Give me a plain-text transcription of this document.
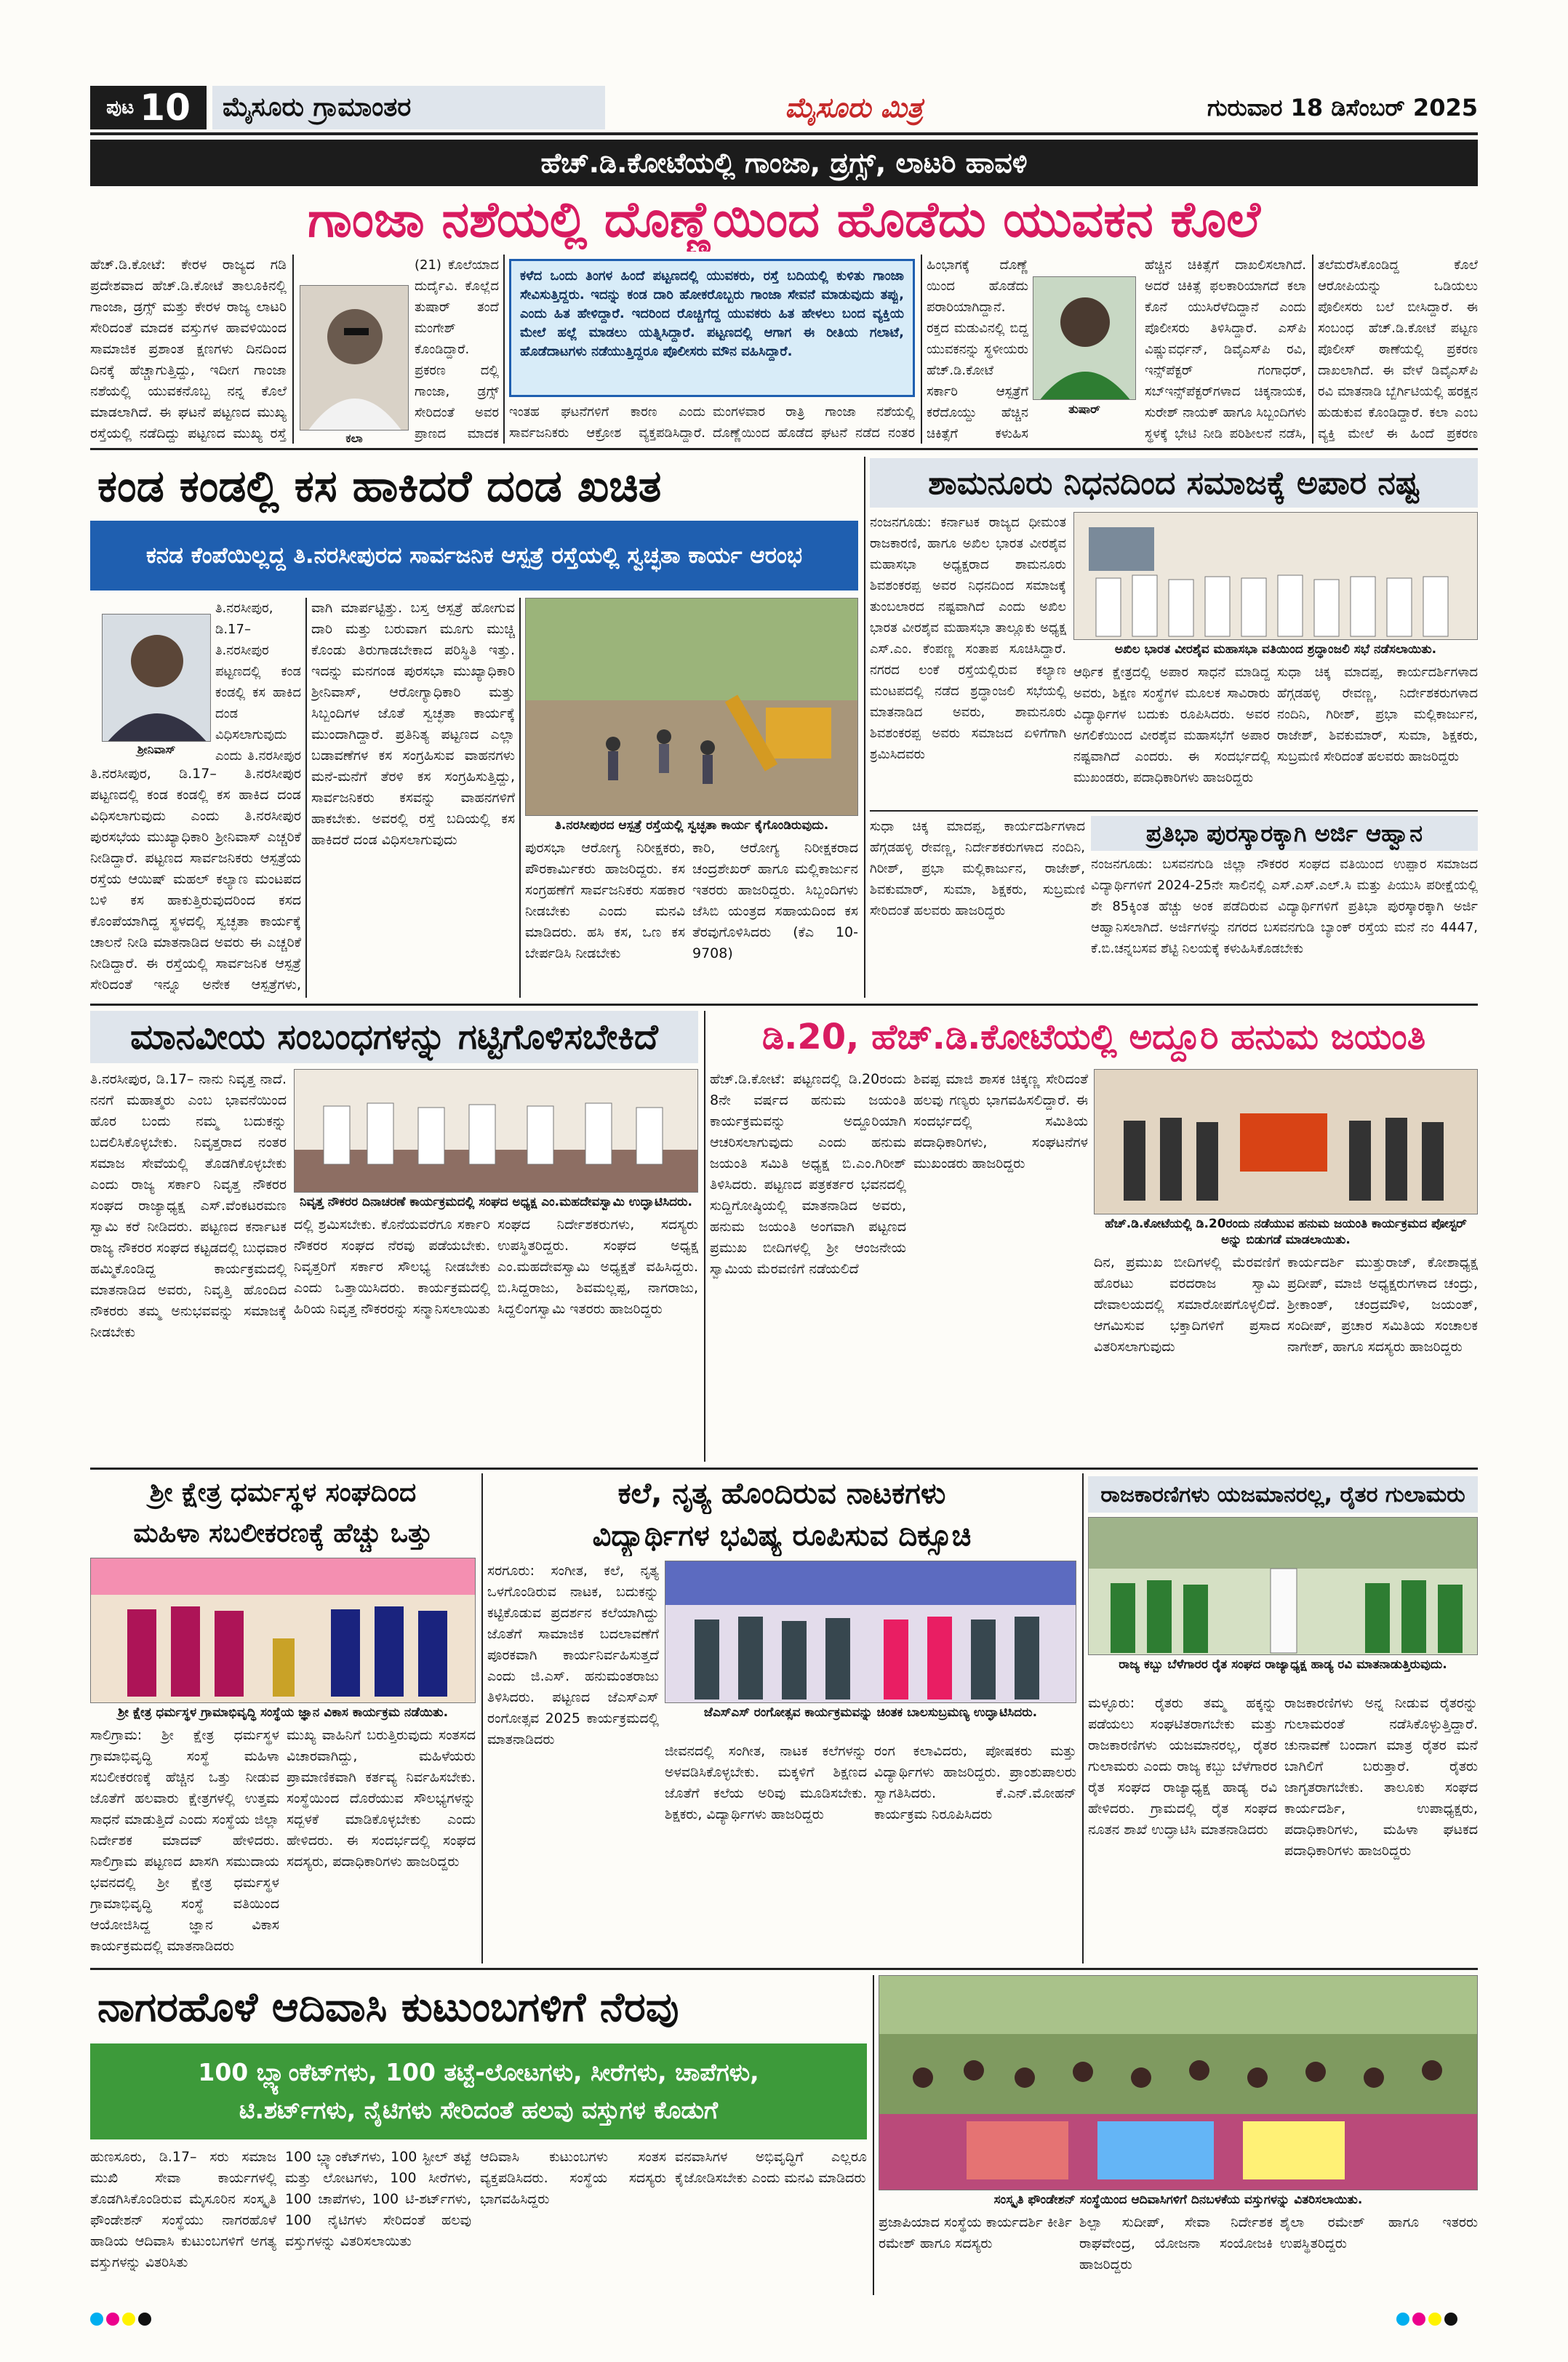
ಪುಟ 10	ಮೈಸೂರು ಗ್ರಾಮಾಂತರ	ಮೈಸೂರು ಮಿತ್ರ	ಗುರುವಾರ 18 ಡಿಸೆಂಬರ್ 2025
ಹೆಚ್.ಡಿ.ಕೋಟೆಯಲ್ಲಿ ಗಾಂಜಾ, ಡ್ರಗ್ಸ್, ಲಾಟರಿ ಹಾವಳಿ
ಗಾಂಜಾ ನಶೆಯಲ್ಲಿ ದೊಣ್ಣೆಯಿಂದ ಹೊಡೆದು ಯುವಕನ ಕೊಲೆ
ಹೆಚ್.ಡಿ.ಕೋಟೆ: ಕೇರಳ ರಾಜ್ಯದ ಗಡಿ ಪ್ರದೇಶವಾದ ಹೆಚ್.ಡಿ.ಕೋಟೆ ತಾಲೂಕಿನಲ್ಲಿ ಗಾಂಜಾ, ಡ್ರಗ್ಸ್ ಮತ್ತು ಕೇರಳ ರಾಜ್ಯ ಲಾಟರಿ ಸೇರಿದಂತೆ ಮಾದಕ ವಸ್ತುಗಳ ಹಾವಳಿಯಿಂದ ಸಾಮಾಜಿಕ ಪ್ರಶಾಂತ ಕ್ಷಣಗಳು ದಿನದಿಂದ ದಿನಕ್ಕೆ ಹೆಚ್ಚಾಗುತ್ತಿದ್ದು, ಇದೀಗ ಗಾಂಜಾ ನಶೆಯಲ್ಲಿ ಯುವಕನೊಬ್ಬ ನನ್ನ ಕೊಲೆ ಮಾಡಲಾಗಿದೆ. ಈ ಘಟನೆ ಪಟ್ಟಣದ ಮುಖ್ಯ ರಸ್ತೆಯಲ್ಲಿ ನಡೆದಿದ್ದು ಪಟ್ಟಣದ ಮುಖ್ಯ ರಸ್ತೆ	ಕಲಾ
(21) ಕೊಲೆಯಾದ ದುರ್ದೈವಿ. ಕೊಲ್ಲೆದ ತುಷಾರ್ ತಂದೆ ಮಂಗೇಶ್ ಕೊಂಡಿದ್ದಾರೆ. ಪ್ರಕರಣ ದಲ್ಲಿ ಗಾಂಜಾ, ಡ್ರಗ್ಸ್ ಸೇರಿದಂತೆ ಅವರ ಪ್ರಾಣದ ಮಾದಕ
ಕಳೆದ ಒಂದು ತಿಂಗಳ ಹಿಂದೆ ಪಟ್ಟಣದಲ್ಲಿ ಯುವಕರು, ರಸ್ತೆ ಬದಿಯಲ್ಲಿ ಕುಳಿತು ಗಾಂಜಾ ಸೇವಿಸುತ್ತಿದ್ದರು. ಇದನ್ನು ಕಂಡ ದಾರಿ ಹೋಕರೊಬ್ಬರು ಗಾಂಜಾ ಸೇವನೆ ಮಾಡುವುದು ತಪ್ಪು, ಎಂದು ಹಿತ ಹೇಳಿದ್ದಾರೆ. ಇದರಿಂದ ರೊಚ್ಚಿಗೆದ್ದ ಯುವಕರು ಹಿತ ಹೇಳಲು ಬಂದ ವ್ಯಕ್ತಿಯ ಮೇಲೆ ಹಲ್ಲೆ ಮಾಡಲು ಯತ್ನಿಸಿದ್ದಾರೆ. ಪಟ್ಟಣದಲ್ಲಿ ಆಗಾಗ ಈ ರೀತಿಯ ಗಲಾಟೆ, ಹೊಡೆದಾಟಗಳು ನಡೆಯುತ್ತಿದ್ದರೂ ಪೊಲೀಸರು ಮೌನ ವಹಿಸಿದ್ದಾರೆ.
ಇಂತಹ ಘಟನೆಗಳಿಗೆ ಕಾರಣ ಎಂದು ಸಾರ್ವಜನಿಕರು ಆಕ್ರೋಶ ವ್ಯಕ್ತಪಡಿಸಿದ್ದಾರೆ.
ಮಂಗಳವಾರ ರಾತ್ರಿ ಗಾಂಜಾ ನಶೆಯಲ್ಲಿ ದೊಣ್ಣೆಯಿಂದ ಹೊಡೆದ ಘಟನೆ ನಡೆದ ನಂತರ
ಹಿಂಭಾಗಕ್ಕೆ ದೊಣ್ಣೆ ಯಿಂದ ಹೊಡೆದು ಪರಾರಿಯಾಗಿದ್ದಾನೆ. ರಕ್ತದ ಮಡುವಿನಲ್ಲಿ ಬಿದ್ದ ಯುವಕನನ್ನು ಸ್ಥಳೀಯರು ಹೆಚ್.ಡಿ.ಕೋಟೆ ಸರ್ಕಾರಿ ಆಸ್ಪತ್ರೆಗೆ ಕರೆದೊಯ್ದು ಹೆಚ್ಚಿನ ಚಿಕಿತ್ಸೆಗೆ ಕಳುಹಿಸ
ತುಷಾರ್
ಹೆಚ್ಚಿನ ಚಿಕಿತ್ಸೆಗೆ ದಾಖಲಿಸಲಾಗಿದೆ. ಅದರೆ ಚಿಕಿತ್ಸೆ ಫಲಕಾರಿಯಾಗದೆ ಕಲಾ ಕೊನೆ ಯುಸಿರೆಳೆದಿದ್ದಾನೆ ಎಂದು ಪೊಲೀಸರು ತಿಳಿಸಿದ್ದಾರೆ. ಎಸ್‌ಪಿ ವಿಷ್ಣುವರ್ಧನ್, ಡಿವೈಎಸ್‌ಪಿ ರವಿ, ಇನ್ಸ್‌ಪೆಕ್ಟರ್ ಗಂಗಾಧರ್, ಸಬ್‌ಇನ್ಸ್‌ಪೆಕ್ಟರ್‌ಗಳಾದ ಚಿಕ್ಕನಾಯಕ, ಸುರೇಶ್ ನಾಯಕ್ ಹಾಗೂ ಸಿಬ್ಬಂದಿಗಳು ಸ್ಥಳಕ್ಕೆ ಭೇಟಿ ನೀಡಿ ಪರಿಶೀಲನೆ ನಡೆಸಿ,
ತಲೆಮರೆಸಿಕೊಂಡಿದ್ದ ಕೊಲೆ ಆರೋಪಿಯನ್ನು ಒಡಿಯಲು ಪೊಲೀಸರು ಬಲೆ ಬೀಸಿದ್ದಾರೆ. ಈ ಸಂಬಂಧ ಹೆಚ್.ಡಿ.ಕೋಟೆ ಪಟ್ಟಣ ಪೊಲೀಸ್ ಠಾಣೆಯಲ್ಲಿ ಪ್ರಕರಣ ದಾಖಲಾಗಿದೆ. ಈ ವೇಳೆ ಡಿವೈಎಸ್‌ಪಿ ರವಿ ಮಾತನಾಡಿ ಬ್ಬೆರ್ಗಿಟಿಯಲ್ಲಿ ಹರಕ್ಷನ ಹುಡುಕುವ ಕೊಂಡಿದ್ದಾರೆ. ಕಲಾ ಎಂಬ ವ್ಯಕ್ತಿ ಮೇಲೆ ಈ ಹಿಂದೆ ಪ್ರಕರಣ
ಕಂಡ ಕಂಡಲ್ಲಿ ಕಸ ಹಾಕಿದರೆ ದಂಡ ಖಚಿತ
ಕನಡ ಕೆಂಪೆಯಿಲ್ಲದ್ದ ತಿ.ನರಸೀಪುರದ ಸಾರ್ವಜನಿಕ ಆಸ್ಪತ್ರೆ ರಸ್ತೆಯಲ್ಲಿ ಸ್ವಚ್ಛತಾ ಕಾರ್ಯ ಆರಂಭ
ಶ್ರೀನಿವಾಸ್
ತಿ.ನರಸೀಪುರ, ಡಿ.17– ತಿ.ನರಸೀಪುರ ಪಟ್ಟಣದಲ್ಲಿ ಕಂಡ ಕಂಡಲ್ಲಿ ಕಸ ಹಾಕಿದ ದಂಡ ವಿಧಿಸಲಾಗುವುದು ಎಂದು ತಿ.ನರಸೀಪುರ
ತಿ.ನರಸೀಪುರ, ಡಿ.17– ತಿ.ನರಸೀಪುರ ಪಟ್ಟಣದಲ್ಲಿ ಕಂಡ ಕಂಡಲ್ಲಿ ಕಸ ಹಾಕಿದ ದಂಡ ವಿಧಿಸಲಾಗುವುದು ಎಂದು ತಿ.ನರಸೀಪುರ ಪುರಸಭೆಯ ಮುಖ್ಯಾಧಿಕಾರಿ ಶ್ರೀನಿವಾಸ್ ಎಚ್ಚರಿಕೆ ನೀಡಿದ್ದಾರೆ. ಪಟ್ಟಣದ ಸಾರ್ವಜನಿಕರು ಆಸ್ಪತ್ರೆಯ ರಸ್ತೆಯ ಆಯಿಷ್ ಮಹಲ್ ಕಲ್ಯಾಣ ಮಂಟಪದ ಬಳಿ ಕಸ ಹಾಕುತ್ತಿರುವುದರಿಂದ ಕಸದ ಕೊಂಪೆಯಾಗಿದ್ದ ಸ್ಥಳದಲ್ಲಿ ಸ್ವಚ್ಛತಾ ಕಾರ್ಯಕ್ಕೆ ಚಾಲನೆ ನೀಡಿ ಮಾತನಾಡಿದ ಅವರು ಈ ಎಚ್ಚರಿಕೆ ನೀಡಿದ್ದಾರೆ. ಈ ರಸ್ತೆಯಲ್ಲಿ ಸಾರ್ವಜನಿಕ ಆಸ್ಪತ್ರೆ ಸೇರಿದಂತೆ ಇನ್ನೂ ಅನೇಕ ಆಸ್ಪತ್ರೆಗಳು,
ವಾಗಿ ಮಾರ್ಪಟ್ಟಿತ್ತು. ಬಸ್ತ ಆಸ್ಪತ್ರೆ ಹೋಗುವ ದಾರಿ ಮತ್ತು ಬರುವಾಗ ಮೂಗು ಮುಚ್ಚಿ ಕೊಂಡು ತಿರುಗಾಡಬೇಕಾದ ಪರಿಸ್ಥಿತಿ ಇತ್ತು. ಇದನ್ನು ಮನಗಂಡ ಪುರಸಭಾ ಮುಖ್ಯಾಧಿಕಾರಿ ಶ್ರೀನಿವಾಸ್, ಆರೋಗ್ಯಾಧಿಕಾರಿ ಮತ್ತು ಸಿಬ್ಬಂದಿಗಳ ಜೊತೆ ಸ್ವಚ್ಛತಾ ಕಾರ್ಯಕ್ಕೆ ಮುಂದಾಗಿದ್ದಾರೆ. ಪ್ರತಿನಿತ್ಯ ಪಟ್ಟಣದ ಎಲ್ಲಾ ಬಡಾವಣೆಗಳ ಕಸ ಸಂಗ್ರಹಿಸುವ ವಾಹನಗಳು ಮನೆ-ಮನೆಗೆ ತೆರಳಿ ಕಸ ಸಂಗ್ರಹಿಸುತ್ತಿದ್ದು, ಸಾರ್ವಜನಿಕರು ಕಸವನ್ನು ವಾಹನಗಳಿಗೆ ಹಾಕಬೇಕು. ಅವರಲ್ಲಿ ರಸ್ತೆ ಬದಿಯಲ್ಲಿ ಕಸ ಹಾಕಿದರೆ ದಂಡ ವಿಧಿಸಲಾಗುವುದು
ತಿ.ನರಸೀಪುರದ ಆಸ್ಪತ್ರೆ ರಸ್ತೆಯಲ್ಲಿ ಸ್ವಚ್ಛತಾ ಕಾರ್ಯ ಕೈಗೊಂಡಿರುವುದು.
ಪುರಸಭಾ ಆರೋಗ್ಯ ನಿರೀಕ್ಷಕರು, ಪೌರಕಾರ್ಮಿಕರು ಹಾಜರಿದ್ದರು. ಕಸ ಸಂಗ್ರಹಣೆಗೆ ಸಾರ್ವಜನಿಕರು ಸಹಕಾರ ನೀಡಬೇಕು ಎಂದು ಮನವಿ ಮಾಡಿದರು. ಹಸಿ ಕಸ, ಒಣ ಕಸ ಬೇರ್ಪಡಿಸಿ ನೀಡಬೇಕು
ಕಾರಿ, ಆರೋಗ್ಯ ನಿರೀಕ್ಷಕರಾದ ಚಂದ್ರಶೇಖರ್ ಹಾಗೂ ಮಲ್ಲಿಕಾರ್ಜುನ ಇತರರು ಹಾಜರಿದ್ದರು. ಸಿಬ್ಬಂದಿಗಳು ಜೆಸಿಬಿ ಯಂತ್ರದ ಸಹಾಯದಿಂದ ಕಸ ತೆರವುಗೊಳಿಸಿದರು (ಕೆಎ 10-9708)
ಶಾಮನೂರು ನಿಧನದಿಂದ ಸಮಾಜಕ್ಕೆ ಅಪಾರ ನಷ್ಟ
ನಂಜನಗೂಡು: ಕರ್ನಾಟಕ ರಾಜ್ಯದ ಧೀಮಂತ ರಾಜಕಾರಣಿ, ಹಾಗೂ ಅಖಿಲ ಭಾರತ ವೀರಶೈವ ಮಹಾಸಭಾ ಅಧ್ಯಕ್ಷರಾದ ಶಾಮನೂರು ಶಿವಶಂಕರಪ್ಪ ಅವರ ನಿಧನದಿಂದ ಸಮಾಜಕ್ಕೆ ತುಂಬಲಾರದ ನಷ್ಟವಾಗಿದೆ ಎಂದು ಅಖಿಲ ಭಾರತ ವೀರಶೈವ ಮಹಾಸಭಾ ತಾಲ್ಲೂಕು ಅಧ್ಯಕ್ಷ ಎಸ್.ಎಂ. ಕೆಂಪಣ್ಣ ಸಂತಾಪ ಸೂಚಿಸಿದ್ದಾರೆ. ನಗರದ ಲಂಕೆ ರಸ್ತೆಯಲ್ಲಿರುವ ಕಲ್ಯಾಣ ಮಂಟಪದಲ್ಲಿ ನಡೆದ ಶ್ರದ್ಧಾಂಜಲಿ ಸಭೆಯಲ್ಲಿ ಮಾತನಾಡಿದ ಅವರು, ಶಾಮನೂರು ಶಿವಶಂಕರಪ್ಪ ಅವರು ಸಮಾಜದ ಏಳಿಗೆಗಾಗಿ ಶ್ರಮಿಸಿದವರು
ಅಖಿಲ ಭಾರತ ವೀರಶೈವ ಮಹಾಸಭಾ ವತಿಯಿಂದ ಶ್ರದ್ಧಾಂಜಲಿ ಸಭೆ ನಡೆಸಲಾಯಿತು.
ಆರ್ಥಿಕ ಕ್ಷೇತ್ರದಲ್ಲಿ ಅಪಾರ ಸಾಧನೆ ಮಾಡಿದ್ದ ಅವರು, ಶಿಕ್ಷಣ ಸಂಸ್ಥೆಗಳ ಮೂಲಕ ಸಾವಿರಾರು ವಿದ್ಯಾರ್ಥಿಗಳ ಬದುಕು ರೂಪಿಸಿದರು. ಅವರ ಅಗಲಿಕೆಯಿಂದ ವೀರಶೈವ ಮಹಾಸಭೆಗೆ ಅಪಾರ ನಷ್ಟವಾಗಿದೆ ಎಂದರು. ಈ ಸಂದರ್ಭದಲ್ಲಿ ಮುಖಂಡರು, ಪದಾಧಿಕಾರಿಗಳು ಹಾಜರಿದ್ದರು
ಸುಧಾ ಚಿಕ್ಕ ಮಾದಪ್ಪ, ಕಾರ್ಯದರ್ಶಿಗಳಾದ ಹೆಗ್ಗಡಹಳ್ಳಿ ರೇವಣ್ಣ, ನಿರ್ದೇಶಕರುಗಳಾದ ನಂದಿನಿ, ಗಿರೀಶ್, ಪ್ರಭಾ ಮಲ್ಲಿಕಾರ್ಜುನ, ರಾಜೇಶ್, ಶಿವಕುಮಾರ್, ಸುಮಾ, ಶಿಕ್ಷಕರು, ಸುಬ್ರಮಣಿ ಸೇರಿದಂತೆ ಹಲವರು ಹಾಜರಿದ್ದರು
ಪ್ರತಿಭಾ ಪುರಸ್ಕಾರಕ್ಕಾಗಿ ಅರ್ಜಿ ಆಹ್ವಾನ
ನಂಜನಗೂಡು: ಬಸವನಗುಡಿ ಜಿಲ್ಲಾ ನೌಕರರ ಸಂಘದ ವತಿಯಿಂದ ಉಪ್ಪಾರ ಸಮಾಜದ ವಿದ್ಯಾರ್ಥಿಗಳಿಗೆ 2024-25ನೇ ಸಾಲಿನಲ್ಲಿ ಎಸ್.ಎಸ್.ಎಲ್.ಸಿ ಮತ್ತು ಪಿಯುಸಿ ಪರೀಕ್ಷೆಯಲ್ಲಿ ಶೇ 85ಕ್ಕಿಂತ ಹೆಚ್ಚು ಅಂಕ ಪಡೆದಿರುವ ವಿದ್ಯಾರ್ಥಿಗಳಿಗೆ ಪ್ರತಿಭಾ ಪುರಸ್ಕಾರಕ್ಕಾಗಿ ಅರ್ಜಿ ಆಹ್ವಾನಿಸಲಾಗಿದೆ. ಅರ್ಜಿಗಳನ್ನು ನಗರದ ಬಸವನಗುಡಿ ಬ್ಯಾಂಕ್ ರಸ್ತೆಯ ಮನೆ ನಂ 4447, ಕೆ.ಬಿ.ಚನ್ನಬಸವ ಶೆಟ್ಟಿ ನಿಲಯಕ್ಕೆ ಕಳುಹಿಸಿಕೊಡಬೇಕು
ಸುಧಾ ಚಿಕ್ಕ ಮಾದಪ್ಪ, ಕಾರ್ಯದರ್ಶಿಗಳಾದ ಹೆಗ್ಗಡಹಳ್ಳಿ ರೇವಣ್ಣ, ನಿರ್ದೇಶಕರುಗಳಾದ ನಂದಿನಿ, ಗಿರೀಶ್, ಪ್ರಭಾ ಮಲ್ಲಿಕಾರ್ಜುನ, ರಾಜೇಶ್, ಶಿವಕುಮಾರ್, ಸುಮಾ, ಶಿಕ್ಷಕರು, ಸುಬ್ರಮಣಿ ಸೇರಿದಂತೆ ಹಲವರು ಹಾಜರಿದ್ದರು
ಮಾನವೀಯ ಸಂಬಂಧಗಳನ್ನು ಗಟ್ಟಿಗೊಳಿಸಬೇಕಿದೆ
ತಿ.ನರಸೀಪುರ, ಡಿ.17– ನಾನು ನಿವೃತ್ತ ನಾದೆ. ನನಗೆ ಮಹಾತ್ಮರು ಎಂಬ ಭಾವನೆಯಿಂದ ಹೊರ ಬಂದು ನಮ್ಮ ಬದುಕನ್ನು ಬದಲಿಸಿಕೊಳ್ಳಬೇಕು. ನಿವೃತ್ತರಾದ ನಂತರ ಸಮಾಜ ಸೇವೆಯಲ್ಲಿ ತೊಡಗಿಕೊಳ್ಳಬೇಕು ಎಂದು ರಾಜ್ಯ ಸರ್ಕಾರಿ ನಿವೃತ್ತ ನೌಕರರ ಸಂಘದ ರಾಜ್ಯಾಧ್ಯಕ್ಷ ಎಸ್.ವೆಂಕಟರಮಣ ಸ್ವಾಮಿ ಕರೆ ನೀಡಿದರು. ಪಟ್ಟಣದ ಕರ್ನಾಟಕ ರಾಜ್ಯ ನೌಕರರ ಸಂಘದ ಕಟ್ಟಡದಲ್ಲಿ ಬುಧವಾರ ಹಮ್ಮಿಕೊಂಡಿದ್ದ ಕಾರ್ಯಕ್ರಮದಲ್ಲಿ ಮಾತನಾಡಿದ ಅವರು, ನಿವೃತ್ತಿ ಹೊಂದಿದ ನೌಕರರು ತಮ್ಮ ಅನುಭವವನ್ನು ಸಮಾಜಕ್ಕೆ ನೀಡಬೇಕು
ನಿವೃತ್ತ ನೌಕರರ ದಿನಾಚರಣೆ ಕಾರ್ಯಕ್ರಮದಲ್ಲಿ ಸಂಘದ ಅಧ್ಯಕ್ಷ ಎಂ.ಮಹದೇವಸ್ವಾಮಿ ಉದ್ಘಾಟಿಸಿದರು.
ದಲ್ಲಿ ಶ್ರಮಿಸಬೇಕು. ಕೊನೆಯವರೆಗೂ ಸರ್ಕಾರಿ ನೌಕರರ ಸಂಘದ ನೆರವು ಪಡೆಯಬೇಕು. ನಿವೃತ್ತರಿಗೆ ಸರ್ಕಾರ ಸೌಲಭ್ಯ ನೀಡಬೇಕು ಎಂದು ಒತ್ತಾಯಿಸಿದರು. ಕಾರ್ಯಕ್ರಮದಲ್ಲಿ ಹಿರಿಯ ನಿವೃತ್ತ ನೌಕರರನ್ನು ಸನ್ಮಾನಿಸಲಾಯಿತು
ಸಂಘದ ನಿರ್ದೇಶಕರುಗಳು, ಸದಸ್ಯರು ಉಪಸ್ಥಿತರಿದ್ದರು. ಸಂಘದ ಅಧ್ಯಕ್ಷ ಎಂ.ಮಹದೇವಸ್ವಾಮಿ ಅಧ್ಯಕ್ಷತೆ ವಹಿಸಿದ್ದರು. ಬಿ.ಸಿದ್ದರಾಜು, ಶಿವಮಲ್ಲಪ್ಪ, ನಾಗರಾಜು, ಸಿದ್ದಲಿಂಗಸ್ವಾಮಿ ಇತರರು ಹಾಜರಿದ್ದರು
ಡಿ.20, ಹೆಚ್.ಡಿ.ಕೋಟೆಯಲ್ಲಿ ಅದ್ದೂರಿ ಹನುಮ ಜಯಂತಿ
ಹೆಚ್.ಡಿ.ಕೋಟೆ: ಪಟ್ಟಣದಲ್ಲಿ ಡಿ.20ರಂದು 8ನೇ ವರ್ಷದ ಹನುಮ ಜಯಂತಿ ಕಾರ್ಯಕ್ರಮವನ್ನು ಅದ್ದೂರಿಯಾಗಿ ಆಚರಿಸಲಾಗುವುದು ಎಂದು ಹನುಮ ಜಯಂತಿ ಸಮಿತಿ ಅಧ್ಯಕ್ಷ ಬಿ.ಎಂ.ಗಿರೀಶ್ ತಿಳಿಸಿದರು. ಪಟ್ಟಣದ ಪತ್ರಕರ್ತರ ಭವನದಲ್ಲಿ ಸುದ್ದಿಗೋಷ್ಠಿಯಲ್ಲಿ ಮಾತನಾಡಿದ ಅವರು, ಹನುಮ ಜಯಂತಿ ಅಂಗವಾಗಿ ಪಟ್ಟಣದ ಪ್ರಮುಖ ಬೀದಿಗಳಲ್ಲಿ ಶ್ರೀ ಆಂಜನೇಯ ಸ್ವಾಮಿಯ ಮೆರವಣಿಗೆ ನಡೆಯಲಿದೆ
ಶಿವಪ್ಪ ಮಾಜಿ ಶಾಸಕ ಚಿಕ್ಕಣ್ಣ ಸೇರಿದಂತೆ ಹಲವು ಗಣ್ಯರು ಭಾಗವಹಿಸಲಿದ್ದಾರೆ. ಈ ಸಂದರ್ಭದಲ್ಲಿ ಸಮಿತಿಯ ಪದಾಧಿಕಾರಿಗಳು, ಸಂಘಟನೆಗಳ ಮುಖಂಡರು ಹಾಜರಿದ್ದರು
ಹೆಚ್.ಡಿ.ಕೋಟೆಯಲ್ಲಿ ಡಿ.20ರಂದು ನಡೆಯುವ ಹನುಮ ಜಯಂತಿ ಕಾರ್ಯಕ್ರಮದ ಪೋಸ್ಟರ್ ಅನ್ನು ಬಿಡುಗಡೆ ಮಾಡಲಾಯಿತು.
ದಿನ, ಪ್ರಮುಖ ಬೀದಿಗಳಲ್ಲಿ ಮೆರವಣಿಗೆ ಹೊರಟು ವರದರಾಜ ಸ್ವಾಮಿ ದೇವಾಲಯದಲ್ಲಿ ಸಮಾರೋಪಗೊಳ್ಳಲಿದೆ. ಆಗಮಿಸುವ ಭಕ್ತಾದಿಗಳಿಗೆ ಪ್ರಸಾದ ವಿತರಿಸಲಾಗುವುದು
ಕಾರ್ಯದರ್ಶಿ ಮುತ್ತುರಾಜ್, ಕೋಶಾಧ್ಯಕ್ಷ ಪ್ರದೀಪ್, ಮಾಜಿ ಅಧ್ಯಕ್ಷರುಗಳಾದ ಚಂದ್ರು, ಶ್ರೀಕಾಂತ್, ಚಂದ್ರಮೌಳಿ, ಜಯಂತ್, ಸಂದೀಪ್, ಪ್ರಚಾರ ಸಮಿತಿಯ ಸಂಚಾಲಕ ನಾಗೇಶ್, ಹಾಗೂ ಸದಸ್ಯರು ಹಾಜರಿದ್ದರು
ಶ್ರೀ ಕ್ಷೇತ್ರ ಧರ್ಮಸ್ಥಳ ಸಂಘದಿಂದ
ಮಹಿಳಾ ಸಬಲೀಕರಣಕ್ಕೆ ಹೆಚ್ಚು ಒತ್ತು
ಶ್ರೀ ಕ್ಷೇತ್ರ ಧರ್ಮಸ್ಥಳ ಗ್ರಾಮಾಭಿವೃದ್ಧಿ ಸಂಸ್ಥೆಯ ಜ್ಞಾನ ವಿಕಾಸ ಕಾರ್ಯಕ್ರಮ ನಡೆಯಿತು.
ಸಾಲಿಗ್ರಾಮ: ಶ್ರೀ ಕ್ಷೇತ್ರ ಧರ್ಮಸ್ಥಳ ಗ್ರಾಮಾಭಿವೃದ್ಧಿ ಸಂಸ್ಥೆ ಮಹಿಳಾ ಸಬಲೀಕರಣಕ್ಕೆ ಹೆಚ್ಚಿನ ಒತ್ತು ನೀಡುವ ಜೊತೆಗೆ ಹಲವಾರು ಕ್ಷೇತ್ರಗಳಲ್ಲಿ ಉತ್ತಮ ಸಾಧನೆ ಮಾಡುತ್ತಿದೆ ಎಂದು ಸಂಸ್ಥೆಯ ಜಿಲ್ಲಾ ನಿರ್ದೇಶಕ ಮಾದವ್ ಹೇಳಿದರು. ಸಾಲಿಗ್ರಾಮ ಪಟ್ಟಣದ ಖಾಸಗಿ ಸಮುದಾಯ ಭವನದಲ್ಲಿ ಶ್ರೀ ಕ್ಷೇತ್ರ ಧರ್ಮಸ್ಥಳ ಗ್ರಾಮಾಭಿವೃದ್ಧಿ ಸಂಸ್ಥೆ ವತಿಯಿಂದ ಆಯೋಜಿಸಿದ್ದ ಜ್ಞಾನ ವಿಕಾಸ ಕಾರ್ಯಕ್ರಮದಲ್ಲಿ ಮಾತನಾಡಿದರು
ಮುಖ್ಯ ವಾಹಿನಿಗೆ ಬರುತ್ತಿರುವುದು ಸಂತಸದ ವಿಚಾರವಾಗಿದ್ದು, ಮಹಿಳೆಯರು ಪ್ರಾಮಾಣಿಕವಾಗಿ ಕರ್ತವ್ಯ ನಿರ್ವಹಿಸಬೇಕು. ಸಂಸ್ಥೆಯಿಂದ ದೊರೆಯುವ ಸೌಲಭ್ಯಗಳನ್ನು ಸದ್ಬಳಕೆ ಮಾಡಿಕೊಳ್ಳಬೇಕು ಎಂದು ಹೇಳಿದರು. ಈ ಸಂದರ್ಭದಲ್ಲಿ ಸಂಘದ ಸದಸ್ಯರು, ಪದಾಧಿಕಾರಿಗಳು ಹಾಜರಿದ್ದರು
ಕಲೆ, ನೃತ್ಯ ಹೊಂದಿರುವ ನಾಟಕಗಳು
ವಿದ್ಯಾರ್ಥಿಗಳ ಭವಿಷ್ಯ ರೂಪಿಸುವ ದಿಕ್ಸೂಚಿ
ಸರಗೂರು: ಸಂಗೀತ, ಕಲೆ, ನೃತ್ಯ ಒಳಗೊಂಡಿರುವ ನಾಟಕ, ಬದುಕನ್ನು ಕಟ್ಟಿಕೊಡುವ ಪ್ರದರ್ಶನ ಕಲೆಯಾಗಿದ್ದು ಜೊತೆಗೆ ಸಾಮಾಜಿಕ ಬದಲಾವಣೆಗೆ ಪೂರಕವಾಗಿ ಕಾರ್ಯನಿರ್ವಹಿಸುತ್ತದೆ ಎಂದು ಜಿ.ಎಸ್. ಹನುಮಂತರಾಜು ತಿಳಿಸಿದರು. ಪಟ್ಟಣದ ಜೆಎಸ್‌ಎಸ್ ರಂಗೋತ್ಸವ 2025 ಕಾರ್ಯಕ್ರಮದಲ್ಲಿ ಮಾತನಾಡಿದರು
ಜೆಎಸ್‌ಎಸ್ ರಂಗೋತ್ಸವ ಕಾರ್ಯಕ್ರಮವನ್ನು ಚಿಂತಕ ಬಾಲಸುಬ್ರಮಣ್ಯ ಉದ್ಘಾಟಿಸಿದರು.
ಜೀವನದಲ್ಲಿ ಸಂಗೀತ, ನಾಟಕ ಕಲೆಗಳನ್ನು ಅಳವಡಿಸಿಕೊಳ್ಳಬೇಕು. ಮಕ್ಕಳಿಗೆ ಶಿಕ್ಷಣದ ಜೊತೆಗೆ ಕಲೆಯ ಅರಿವು ಮೂಡಿಸಬೇಕು. ಶಿಕ್ಷಕರು, ವಿದ್ಯಾರ್ಥಿಗಳು ಹಾಜರಿದ್ದರು
ರಂಗ ಕಲಾವಿದರು, ಪೋಷಕರು ಮತ್ತು ವಿದ್ಯಾರ್ಥಿಗಳು ಹಾಜರಿದ್ದರು. ಪ್ರಾಂಶುಪಾಲರು ಸ್ವಾಗತಿಸಿದರು. ಕೆ.ಎನ್.ಮೋಹನ್ ಕಾರ್ಯಕ್ರಮ ನಿರೂಪಿಸಿದರು
ರಾಜಕಾರಣಿಗಳು ಯಜಮಾನರಲ್ಲ, ರೈತರ ಗುಲಾಮರು
ರಾಜ್ಯ ಕಬ್ಬು ಬೆಳೆಗಾರರ ರೈತ ಸಂಘದ ರಾಜ್ಯಾಧ್ಯಕ್ಷ ಹಾಡ್ಯ ರವಿ ಮಾತನಾಡುತ್ತಿರುವುದು.
ಮಳ್ಳೂರು: ರೈತರು ತಮ್ಮ ಹಕ್ಕನ್ನು ಪಡೆಯಲು ಸಂಘಟಿತರಾಗಬೇಕು ಮತ್ತು ರಾಜಕಾರಣಿಗಳು ಯಜಮಾನರಲ್ಲ, ರೈತರ ಗುಲಾಮರು ಎಂದು ರಾಜ್ಯ ಕಬ್ಬು ಬೆಳೆಗಾರರ ರೈತ ಸಂಘದ ರಾಜ್ಯಾಧ್ಯಕ್ಷ ಹಾಡ್ಯ ರವಿ ಹೇಳಿದರು. ಗ್ರಾಮದಲ್ಲಿ ರೈತ ಸಂಘದ ನೂತನ ಶಾಖೆ ಉದ್ಘಾಟಿಸಿ ಮಾತನಾಡಿದರು
ರಾಜಕಾರಣಿಗಳು ಅನ್ನ ನೀಡುವ ರೈತರನ್ನು ಗುಲಾಮರಂತೆ ನಡೆಸಿಕೊಳ್ಳುತ್ತಿದ್ದಾರೆ. ಚುನಾವಣೆ ಬಂದಾಗ ಮಾತ್ರ ರೈತರ ಮನೆ ಬಾಗಿಲಿಗೆ ಬರುತ್ತಾರೆ. ರೈತರು ಜಾಗೃತರಾಗಬೇಕು. ತಾಲೂಕು ಸಂಘದ ಕಾರ್ಯದರ್ಶಿ, ಉಪಾಧ್ಯಕ್ಷರು, ಪದಾಧಿಕಾರಿಗಳು, ಮಹಿಳಾ ಘಟಕದ ಪದಾಧಿಕಾರಿಗಳು ಹಾಜರಿದ್ದರು
ನಾಗರಹೊಳೆ ಆದಿವಾಸಿ ಕುಟುಂಬಗಳಿಗೆ ನೆರವು
100 ಬ್ಲ್ಯಾಂಕೆಟ್‌ಗಳು, 100 ತಟ್ಟೆ-ಲೋಟಗಳು, ಸೀರೆಗಳು, ಚಾಪೆಗಳು,
ಟಿ.ಶರ್ಟ್‌ಗಳು, ನೈಟಿಗಳು ಸೇರಿದಂತೆ ಹಲವು ವಸ್ತುಗಳ ಕೊಡುಗೆ
ಹುಣಸೂರು, ಡಿ.17– ಸರು ಸಮಾಜ ಮುಖಿ ಸೇವಾ ಕಾರ್ಯಗಳಲ್ಲಿ ತೊಡಗಿಸಿಕೊಂಡಿರುವ ಮೈಸೂರಿನ ಸಂಸ್ಕೃತಿ ಫೌಂಡೇಶನ್ ಸಂಸ್ಥೆಯು ನಾಗರಹೊಳೆ ಹಾಡಿಯ ಆದಿವಾಸಿ ಕುಟುಂಬಗಳಿಗೆ ಅಗತ್ಯ ವಸ್ತುಗಳನ್ನು ವಿತರಿಸಿತು
100 ಬ್ಲ್ಯಾಂಕೆಟ್‌ಗಳು, 100 ಸ್ಟೀಲ್ ತಟ್ಟೆ ಮತ್ತು ಲೋಟಗಳು, 100 ಸೀರೆಗಳು, 100 ಚಾಪೆಗಳು, 100 ಟಿ-ಶರ್ಟ್‌ಗಳು, 100 ನೈಟಿಗಳು ಸೇರಿದಂತೆ ಹಲವು ವಸ್ತುಗಳನ್ನು ವಿತರಿಸಲಾಯಿತು
ಆದಿವಾಸಿ ಕುಟುಂಬಗಳು ಸಂತಸ ವ್ಯಕ್ತಪಡಿಸಿದರು. ಸಂಸ್ಥೆಯ ಸದಸ್ಯರು ಭಾಗವಹಿಸಿದ್ದರು
ವನವಾಸಿಗಳ ಅಭಿವೃದ್ಧಿಗೆ ಎಲ್ಲರೂ ಕೈಜೋಡಿಸಬೇಕು ಎಂದು ಮನವಿ ಮಾಡಿದರು
ಸಂಸ್ಕೃತಿ ಫೌಂಡೇಶನ್ ಸಂಸ್ಥೆಯಿಂದ ಆದಿವಾಸಿಗಳಿಗೆ ದಿನಬಳಕೆಯ ವಸ್ತುಗಳನ್ನು ವಿತರಿಸಲಾಯಿತು.
ಪ್ರಜಾಪಿಯಾದ ಸಂಸ್ಥೆಯ ಕಾರ್ಯದರ್ಶಿ ಕೀರ್ತಿ ರಮೇಶ್ ಹಾಗೂ ಸದಸ್ಯರು
ಶಿಲ್ಪಾ ಸುದೀಪ್, ಸೇವಾ ನಿರ್ದೇಶಕ ರಾಘವೇಂದ್ರ, ಯೋಜನಾ ಸಂಯೋಜಕಿ ಹಾಜರಿದ್ದರು
ಶೈಲಾ ರಮೇಶ್ ಹಾಗೂ ಇತರರು ಉಪಸ್ಥಿತರಿದ್ದರು
